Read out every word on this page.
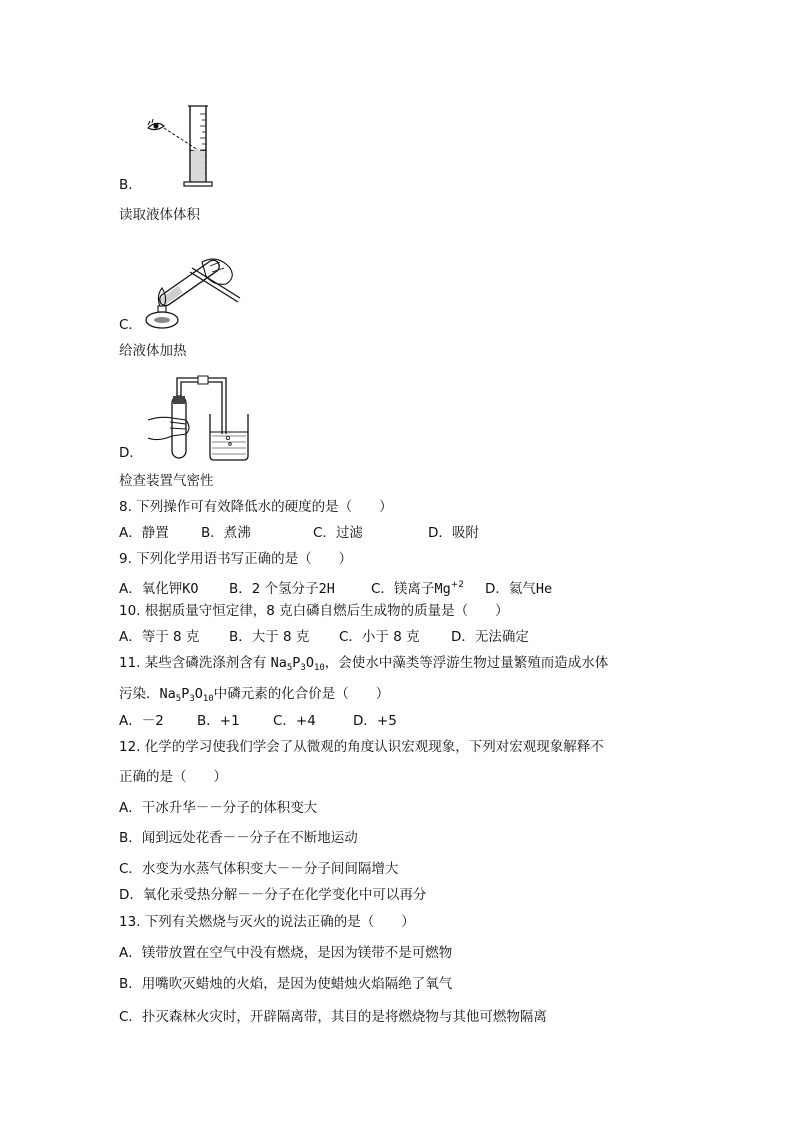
B．
读取液体体积
C．
给液体加热
D．
检查装置气密性
8. 下列操作可有效降低水的硬度的是（　　）
A．静置 B．煮沸	C．过滤	D．吸附
9. 下列化学用语书写正确的是（　　）
A．氧化钾KO B．2 个氢分子2H	C．镁离子Mg+2 D．氦气He
10. 根据质量守恒定律，8 克白磷自燃后生成物的质量是（　　）
A．等于 8 克 B．大于 8 克 C．小于 8 克 D．无法确定
11. 某些含磷洗涤剂含有 $Na_5P_3O_{10}$，会使水中藻类等浮游生物过量繁殖而造成水体
污染．$Na_5P_3O_{10}$中磷元素的化合价是（　　）
A．－2 B．+1 C．+4	D．+5
12. 化学的学习使我们学会了从微观的角度认识宏观现象，下列对宏观现象解释不
正确的是（　　）
A．干冰升华－－分子的体积变大
B．闻到远处花香－－分子在不断地运动
C．水变为水蒸气体积变大－－分子间间隔增大
D．氧化汞受热分解－－分子在化学变化中可以再分
13. 下列有关燃烧与灭火的说法正确的是（　　）
A．镁带放置在空气中没有燃烧，是因为镁带不是可燃物
B．用嘴吹灭蜡烛的火焰，是因为使蜡烛火焰隔绝了氧气
C．扑灭森林火灾时，开辟隔离带，其目的是将燃烧物与其他可燃物隔离
